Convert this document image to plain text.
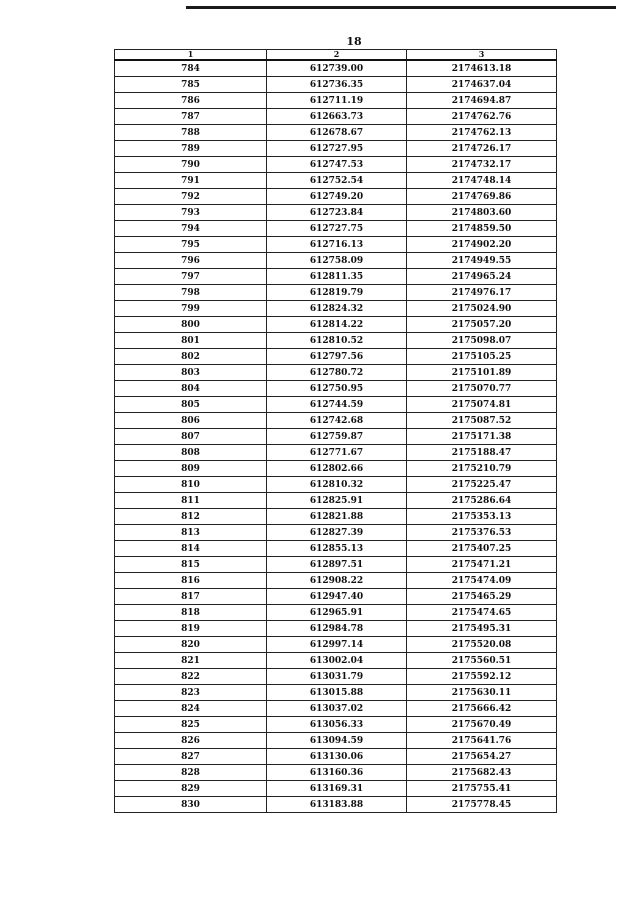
18
1	2	3
784	612739.00	2174613.18
785	612736.35	2174637.04
786	612711.19	2174694.87
787	612663.73	2174762.76
788	612678.67	2174762.13
789	612727.95	2174726.17
790	612747.53	2174732.17
791	612752.54	2174748.14
792	612749.20	2174769.86
793	612723.84	2174803.60
794	612727.75	2174859.50
795	612716.13	2174902.20
796	612758.09	2174949.55
797	612811.35	2174965.24
798	612819.79	2174976.17
799	612824.32	2175024.90
800	612814.22	2175057.20
801	612810.52	2175098.07
802	612797.56	2175105.25
803	612780.72	2175101.89
804	612750.95	2175070.77
805	612744.59	2175074.81
806	612742.68	2175087.52
807	612759.87	2175171.38
808	612771.67	2175188.47
809	612802.66	2175210.79
810	612810.32	2175225.47
811	612825.91	2175286.64
812	612821.88	2175353.13
813	612827.39	2175376.53
814	612855.13	2175407.25
815	612897.51	2175471.21
816	612908.22	2175474.09
817	612947.40	2175465.29
818	612965.91	2175474.65
819	612984.78	2175495.31
820	612997.14	2175520.08
821	613002.04	2175560.51
822	613031.79	2175592.12
823	613015.88	2175630.11
824	613037.02	2175666.42
825	613056.33	2175670.49
826	613094.59	2175641.76
827	613130.06	2175654.27
828	613160.36	2175682.43
829	613169.31	2175755.41
830	613183.88	2175778.45
